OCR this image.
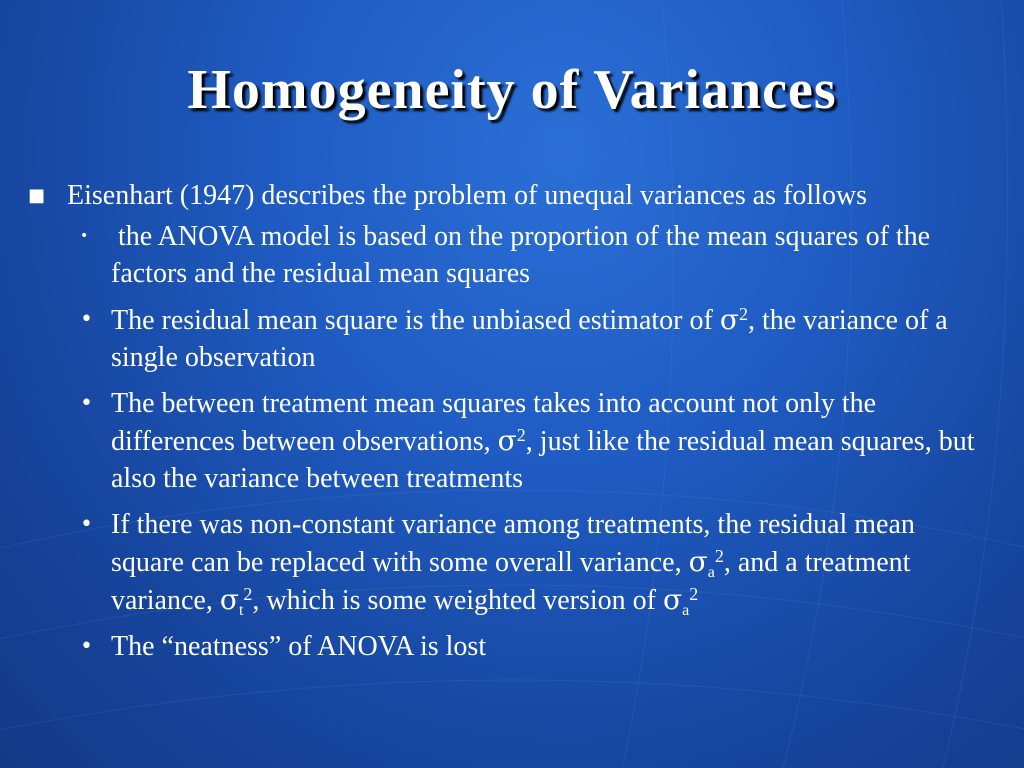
Homogeneity of Variances
■ Eisenhart (1947) describes the problem of unequal variances as follows
• the ANOVA model is based on the proportion of the mean squares of the factors and the residual mean squares
• The residual mean square is the unbiased estimator of $\sigma^2$, the variance of a single observation
• The between treatment mean squares takes into account not only the differences between observations, $\sigma^2$, just like the residual mean squares, but also the variance between treatments
• If there was non-constant variance among treatments, the residual mean square can be replaced with some overall variance, $\sigma_a^2$, and a treatment variance, $\sigma_t^2$, which is some weighted version of $\sigma_a^2$
• The “neatness” of ANOVA is lost
